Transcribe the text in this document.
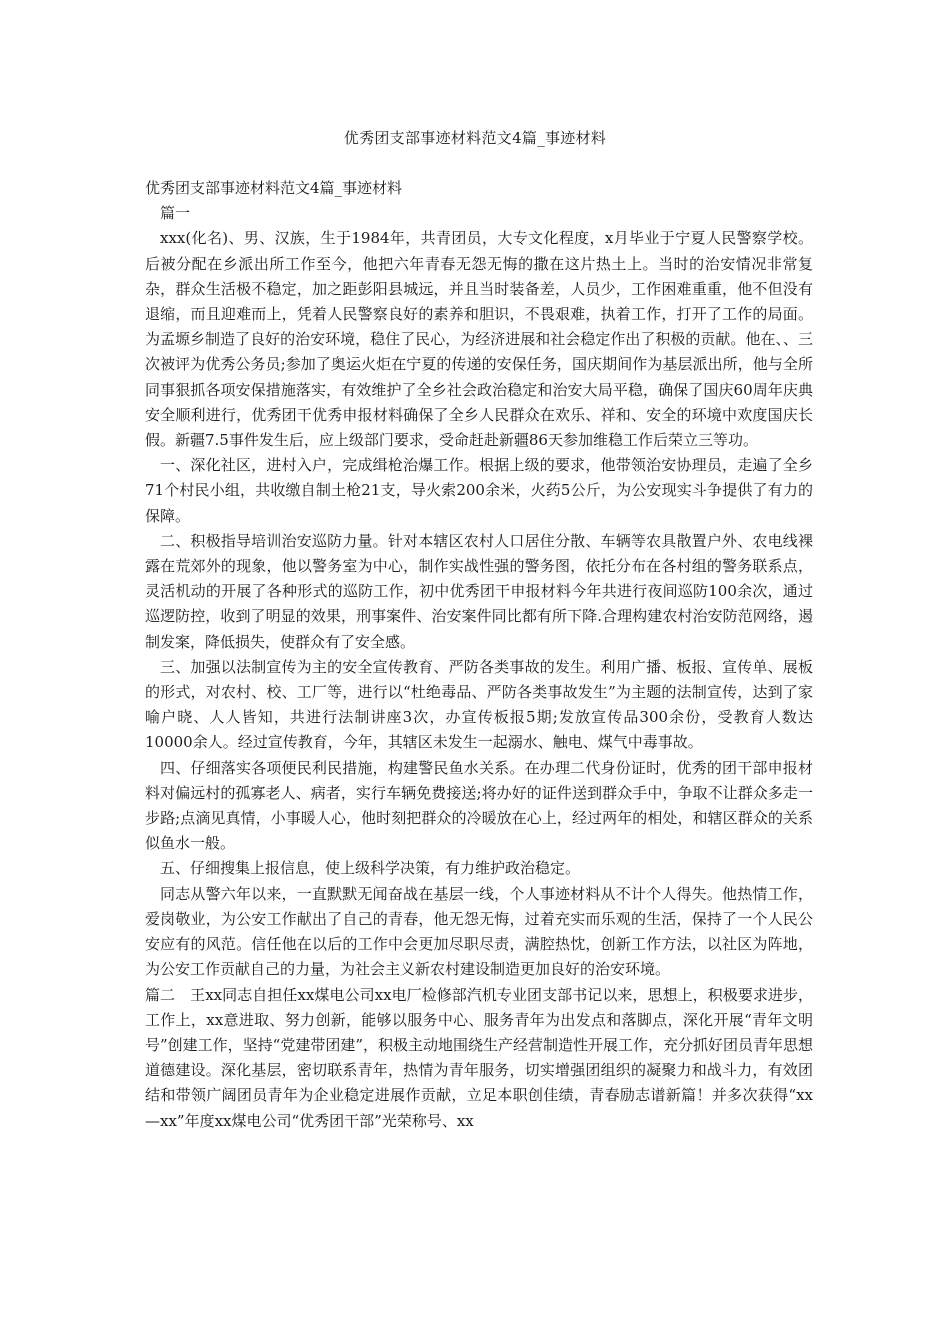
优秀团支部事迹材料范文4篇_事迹材料

优秀团支部事迹材料范文4篇_事迹材料

篇一

xxx(化名)、男、汉族，生于1984年，共青团员，大专文化程度，x月毕业于宁夏人民警察学校。后被分配在乡派出所工作至今，他把六年青春无怨无悔的撒在这片热土上。当时的治安情况非常复杂，群众生活极不稳定，加之距彭阳县城远，并且当时装备差，人员少，工作困难重重，他不但没有退缩，而且迎难而上，凭着人民警察良好的素养和胆识，不畏艰难，执着工作，打开了工作的局面。为孟塬乡制造了良好的治安环境，稳住了民心，为经济进展和社会稳定作出了积极的贡献。他在、、三次被评为优秀公务员;参加了奥运火炬在宁夏的传递的安保任务，国庆期间作为基层派出所，他与全所同事狠抓各项安保措施落实，有效维护了全乡社会政治稳定和治安大局平稳，确保了国庆60周年庆典安全顺利进行，优秀团干优秀申报材料确保了全乡人民群众在欢乐、祥和、安全的环境中欢度国庆长假。新疆7.5事件发生后，应上级部门要求，受命赶赴新疆86天参加维稳工作后荣立三等功。

一、深化社区，进村入户，完成缉枪治爆工作。根据上级的要求，他带领治安协理员，走遍了全乡71个村民小组，共收缴自制土枪21支，导火索200余米，火药5公斤，为公安现实斗争提供了有力的保障。

二、积极指导培训治安巡防力量。针对本辖区农村人口居住分散、车辆等农具散置户外、农电线裸露在荒郊外的现象，他以警务室为中心，制作实战性强的警务图，依托分布在各村组的警务联系点，灵活机动的开展了各种形式的巡防工作，初中优秀团干申报材料今年共进行夜间巡防100余次，通过巡逻防控，收到了明显的效果，刑事案件、治安案件同比都有所下降.合理构建农村治安防范网络，遏制发案，降低损失，使群众有了安全感。

三、加强以法制宣传为主的安全宣传教育、严防各类事故的发生。利用广播、板报、宣传单、展板的形式，对农村、校、工厂等，进行以“杜绝毒品、严防各类事故发生”为主题的法制宣传，达到了家喻户晓、人人皆知，共进行法制讲座3次，办宣传板报5期;发放宣传品300余份，受教育人数达10000余人。经过宣传教育，今年，其辖区未发生一起溺水、触电、煤气中毒事故。

四、仔细落实各项便民利民措施，构建警民鱼水关系。在办理二代身份证时，优秀的团干部申报材料对偏远村的孤寡老人、病者，实行车辆免费接送;将办好的证件送到群众手中，争取不让群众多走一步路;点滴见真情，小事暖人心，他时刻把群众的冷暖放在心上，经过两年的相处，和辖区群众的关系似鱼水一般。

五、仔细搜集上报信息，使上级科学决策，有力维护政治稳定。

同志从警六年以来，一直默默无闻奋战在基层一线，个人事迹材料从不计个人得失。他热情工作，爱岗敬业，为公安工作献出了自己的青春，他无怨无悔，过着充实而乐观的生活，保持了一个人民公安应有的风范。信任他在以后的工作中会更加尽职尽责，满腔热忱，创新工作方法，以社区为阵地，为公安工作贡献自己的力量，为社会主义新农村建设制造更加良好的治安环境。

篇二　王xx同志自担任xx煤电公司xx电厂检修部汽机专业团支部书记以来，思想上，积极要求进步，工作上，xx意进取、努力创新，能够以服务中心、服务青年为出发点和落脚点，深化开展“青年文明号”创建工作，坚持“党建带团建”，积极主动地围绕生产经营制造性开展工作，充分抓好团员青年思想道德建设。深化基层，密切联系青年，热情为青年服务，切实增强团组织的凝聚力和战斗力，有效团结和带领广阔团员青年为企业稳定进展作贡献，立足本职创佳绩，青春励志谱新篇！并多次获得“xx—xx”年度xx煤电公司“优秀团干部”光荣称号、xx
